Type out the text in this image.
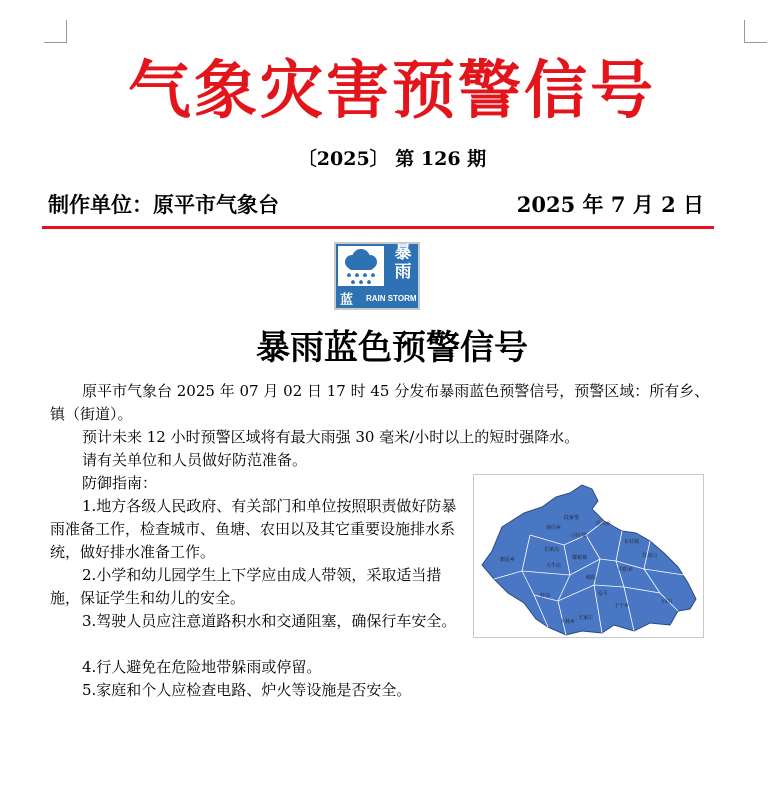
气象灾害预警信号
〔2025〕 第 126 期
制作单位：原平市气象台	2025 年 7 月 2 日
暴雨
蓝 RAIN STORM
暴雨蓝色预警信号
原平市气象台 2025 年 07 月 02 日 17 时 45 分发布暴雨蓝色预警信号，预警区域：所有乡、镇（街道）。
预计未来 12 小时预警区域将有最大雨强 30 毫米/小时以上的短时强降水。
请有关单位和人员做好防范准备。
防御指南：
1.地方各级人民政府、有关部门和单位按照职责做好防暴雨准备工作，检查城市、鱼塘、农田以及其它重要设施排水系统，做好排水准备工作。
2.小学和幼儿园学生上下学应由成人带领，采取适当措施，保证学生和幼儿的安全。
3.驾驶人员应注意道路积水和交通阻塞，确保行车安全。
4.行人避免在危险地带躲雨或停留。
5.家庭和个人应检查电路、炉火等设施是否安全。
段家堡
沿沟乡
南白乡
闫庄镇
东社镇
长梁沟
新原乡
大牛店
苏龙口
中阳乡
同川
子干乡
轩岗
王家庄
崞阳
楼板寨
原平
大林乡
